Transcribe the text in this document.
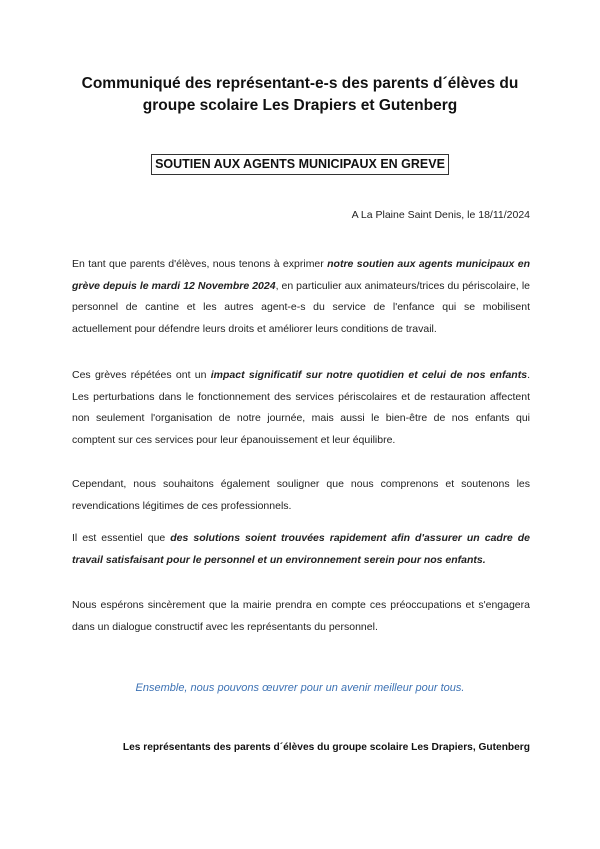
Communiqué des représentant-e-s des parents d´élèves du
groupe scolaire Les Drapiers et Gutenberg
SOUTIEN AUX AGENTS MUNICIPAUX EN GREVE
A La Plaine Saint Denis, le 18/11/2024

En tant que parents d'élèves, nous tenons à exprimer notre soutien aux agents municipaux en grève depuis le mardi 12 Novembre 2024, en particulier aux animateurs/trices du périscolaire, le personnel de cantine et les autres agent-e-s du service de l'enfance qui se mobilisent actuellement pour défendre leurs droits et améliorer leurs conditions de travail.

Ces grèves répétées ont un impact significatif sur notre quotidien et celui de nos enfants. Les perturbations dans le fonctionnement des services périscolaires et de restauration affectent non seulement l'organisation de notre journée, mais aussi le bien-être de nos enfants qui comptent sur ces services pour leur épanouissement et leur équilibre.

Cependant, nous souhaitons également souligner que nous comprenons et soutenons les revendications légitimes de ces professionnels.

Il est essentiel que des solutions soient trouvées rapidement afin d'assurer un cadre de travail satisfaisant pour le personnel et un environnement serein pour nos enfants.

Nous espérons sincèrement que la mairie prendra en compte ces préoccupations et s'engagera dans un dialogue constructif avec les représentants du personnel.

Ensemble, nous pouvons œuvrer pour un avenir meilleur pour tous.
Les représentants des parents d´élèves du groupe scolaire Les Drapiers, Gutenberg
